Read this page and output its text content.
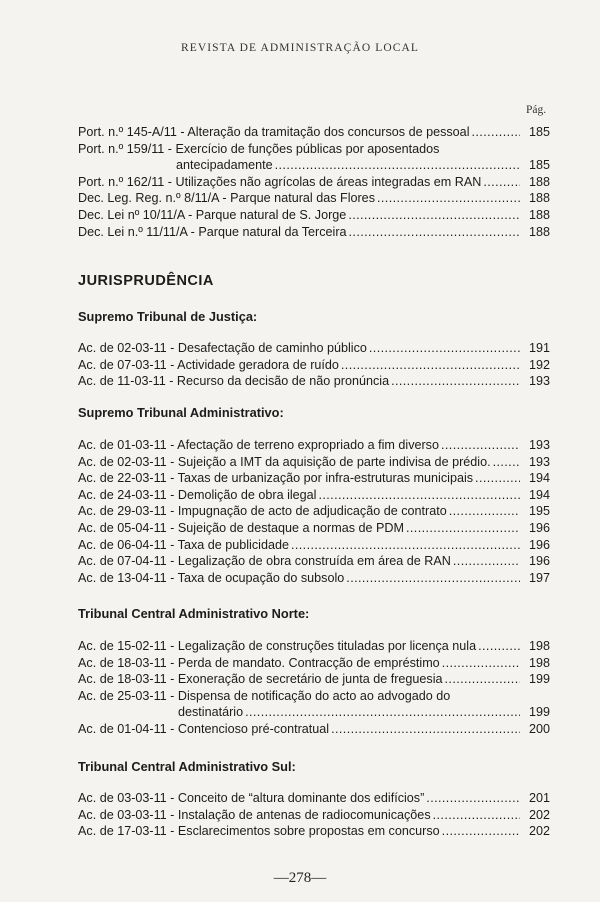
REVISTA DE ADMINISTRAÇÃO LOCAL
Pág.
Port. n.º 145-A/11 - Alteração da tramitação dos concursos de pessoal .....	185
Port. n.º 159/11 - Exercício de funções públicas por aposentados
antecipadamente .....	185
Port. n.º 162/11 - Utilizações não agrícolas de áreas integradas em RAN .....	188
Dec. Leg. Reg. n.º 8/11/A - Parque natural das Flores .....	188
Dec. Lei nº 10/11/A - Parque natural de S. Jorge .....	188
Dec. Lei n.º 11/11/A - Parque natural da Terceira .....	188
JURISPRUDÊNCIA
Supremo Tribunal de Justiça:
Ac. de 02-03-11 - Desafectação de caminho público .....	191
Ac. de 07-03-11 - Actividade geradora de ruído .....	192
Ac. de 11-03-11 - Recurso da decisão de não pronúncia .....	193
Supremo Tribunal Administrativo:
Ac. de 01-03-11 - Afectação de terreno expropriado a fim diverso .....	193
Ac. de 02-03-11 - Sujeição a IMT da aquisição de parte indivisa de prédio. .....	193
Ac. de 22-03-11 - Taxas de urbanização por infra-estruturas municipais .....	194
Ac. de 24-03-11 - Demolição de obra ilegal .....	194
Ac. de 29-03-11 - Impugnação de acto de adjudicação de contrato .....	195
Ac. de 05-04-11 - Sujeição de destaque a normas de PDM .....	196
Ac. de 06-04-11 - Taxa de publicidade .....	196
Ac. de 07-04-11 - Legalização de obra construída em área de RAN .....	196
Ac. de 13-04-11 - Taxa de ocupação do subsolo .....	197
Tribunal Central Administrativo Norte:
Ac. de 15-02-11 - Legalização de construções tituladas por licença nula .....	198
Ac. de 18-03-11 - Perda de mandato. Contracção de empréstimo .....	198
Ac. de 18-03-11 - Exoneração de secretário de junta de freguesia .....	199
Ac. de 25-03-11 - Dispensa de notificação do acto ao advogado do
destinatário .....	199
Ac. de 01-04-11 - Contencioso pré-contratual .....	200
Tribunal Central Administrativo Sul:
Ac. de 03-03-11 - Conceito de “altura dominante dos edifícios” .....	201
Ac. de 03-03-11 - Instalação de antenas de radiocomunicações .....	202
Ac. de 17-03-11 - Esclarecimentos sobre propostas em concurso .....	202
—278—
